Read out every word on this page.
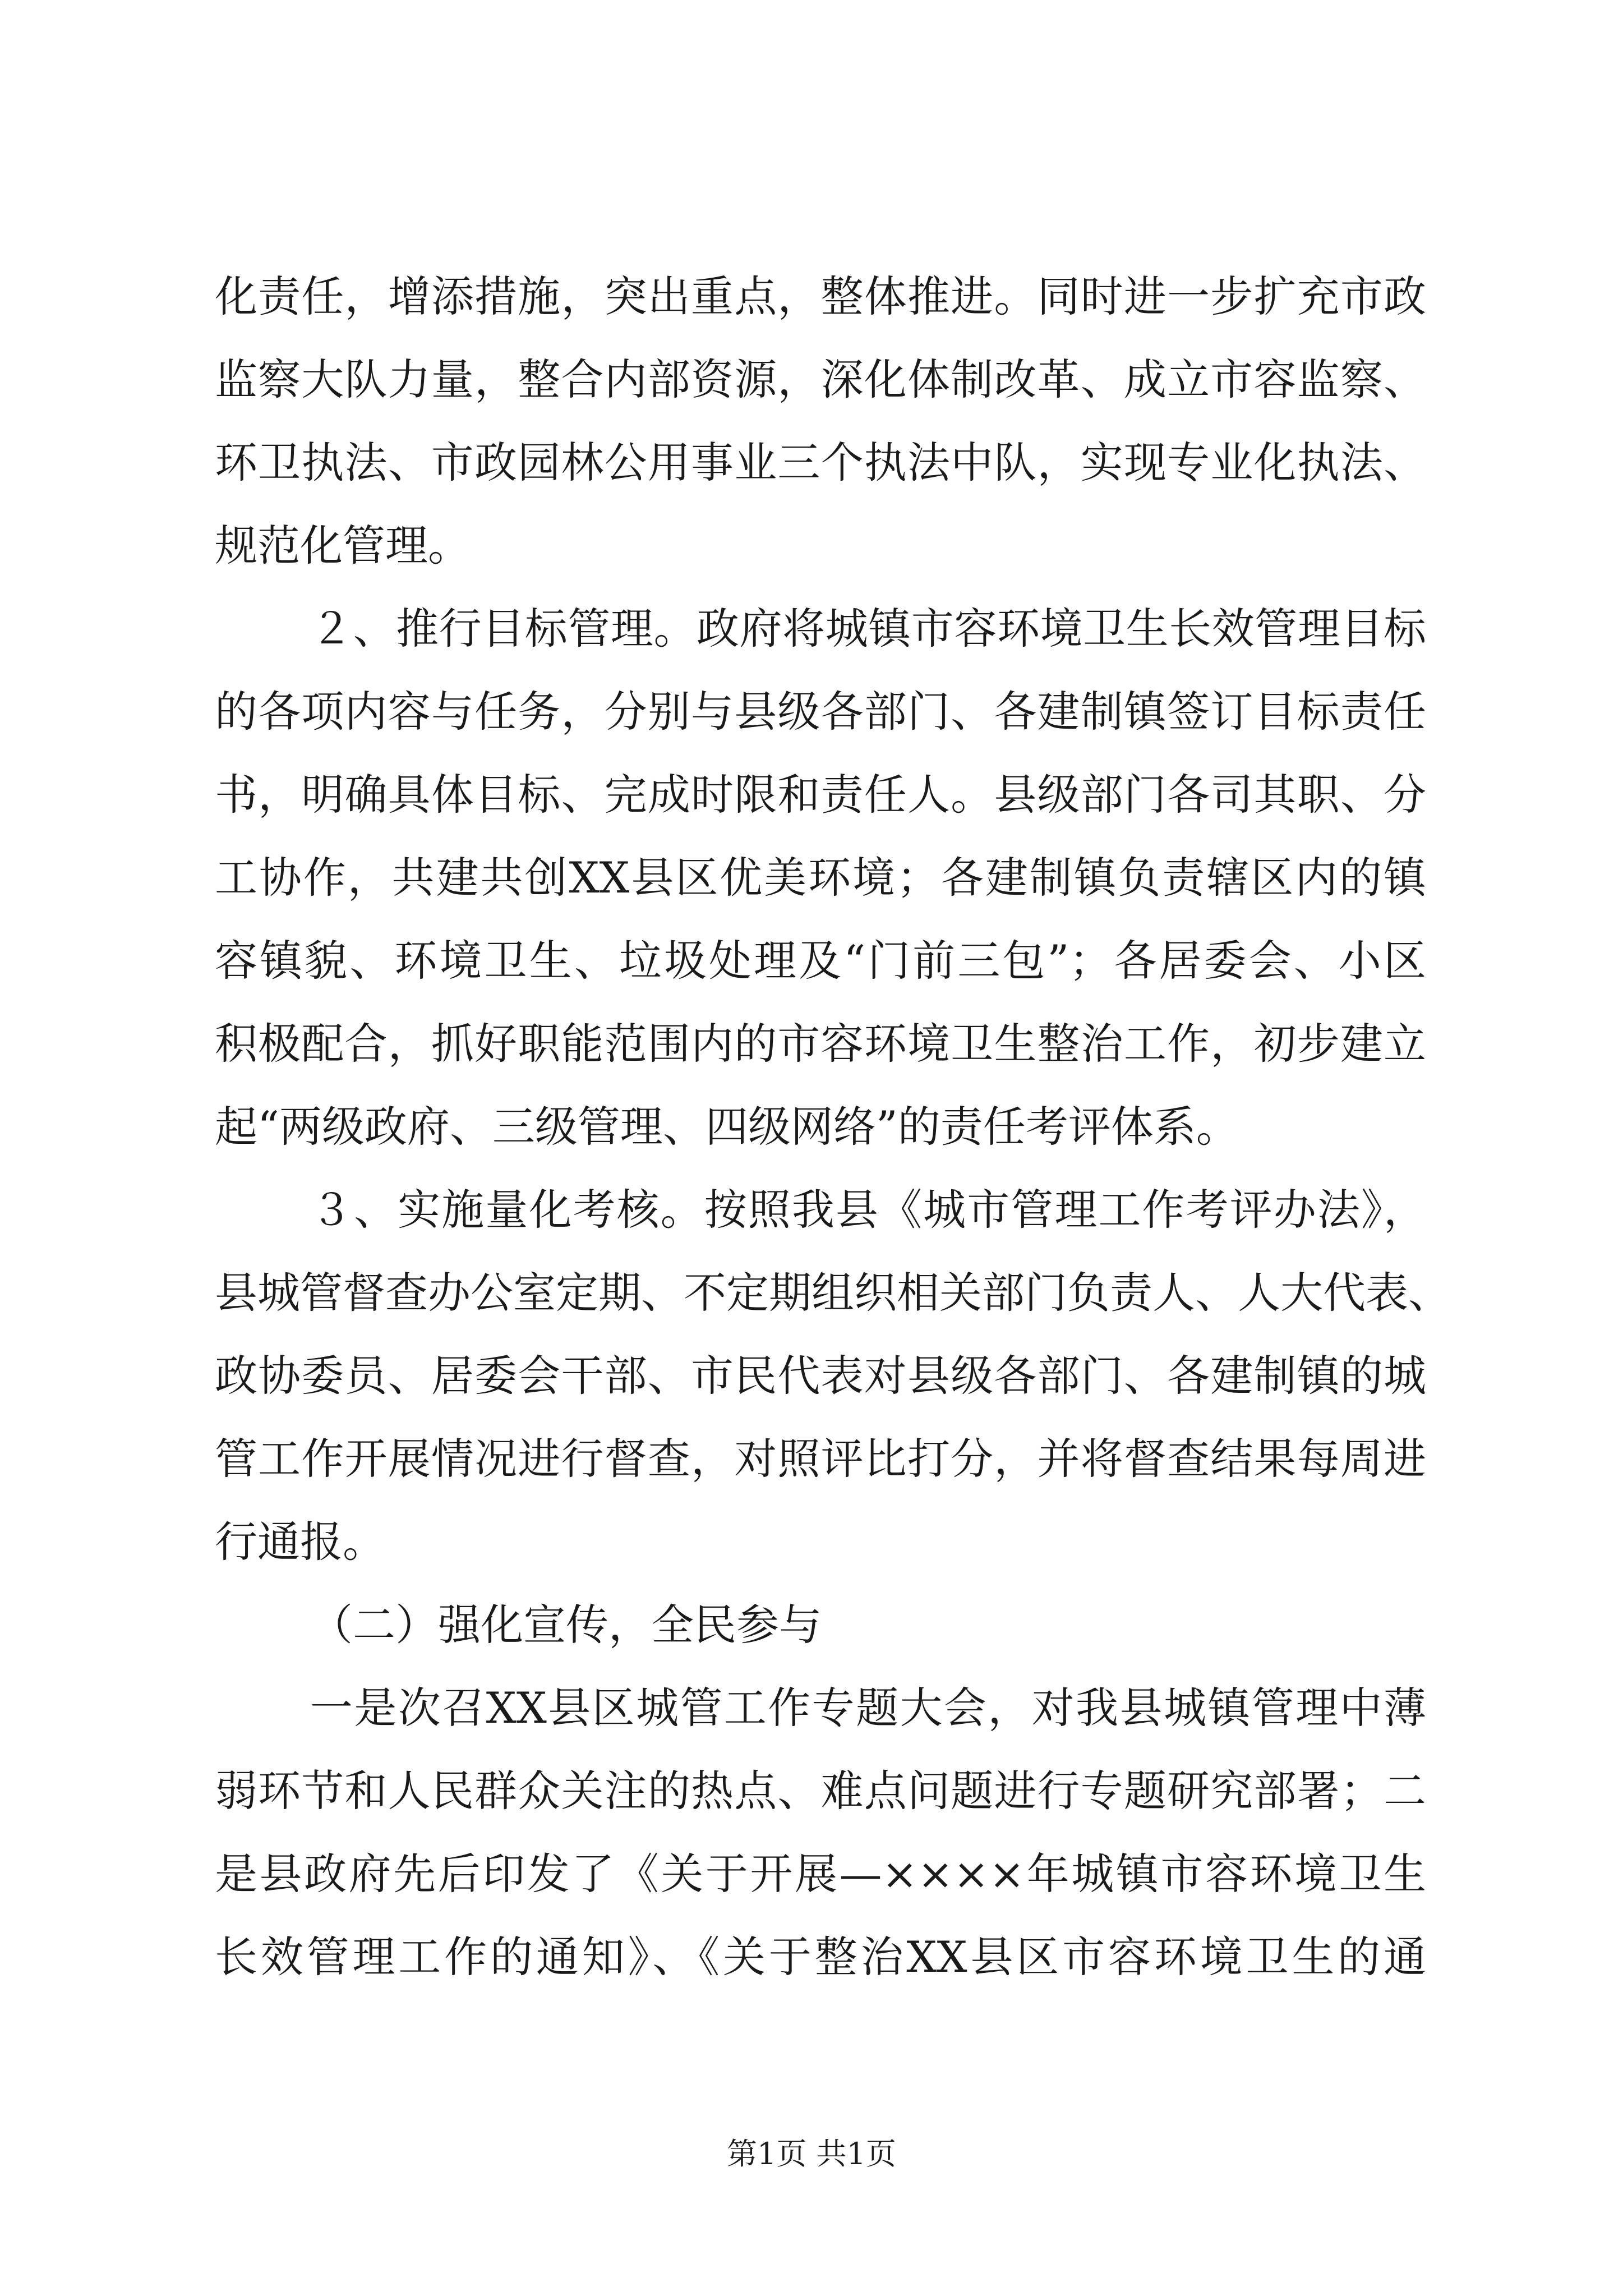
化责任，增添措施，突出重点，整体推进。同时进一步扩充市政
监察大队力量，整合内部资源，深化体制改革、成立市容监察、
环卫执法、市政园林公用事业三个执法中队，实现专业化执法、
规范化管理。
２、推行目标管理。政府将城镇市容环境卫生长效管理目标
的各项内容与任务，分别与县级各部门、各建制镇签订目标责任
书，明确具体目标、完成时限和责任人。县级部门各司其职、分
工协作，共建共创XX县区优美环境；各建制镇负责辖区内的镇
容镇貌、环境卫生、垃圾处理及“门前三包”；各居委会、小区
积极配合，抓好职能范围内的市容环境卫生整治工作，初步建立
起“两级政府、三级管理、四级网络”的责任考评体系。
３、实施量化考核。按照我县《城市管理工作考评办法》，
县城管督查办公室定期、不定期组织相关部门负责人、人大代表、
政协委员、居委会干部、市民代表对县级各部门、各建制镇的城
管工作开展情况进行督查，对照评比打分，并将督查结果每周进
行通报。
（二）强化宣传，全民参与
一是次召XX县区城管工作专题大会，对我县城镇管理中薄
弱环节和人民群众关注的热点、难点问题进行专题研究部署；二
是县政府先后印发了《关于开展—××××年城镇市容环境卫生
长效管理工作的通知》、《关于整治XX县区市容环境卫生的通
第1页 共1页
